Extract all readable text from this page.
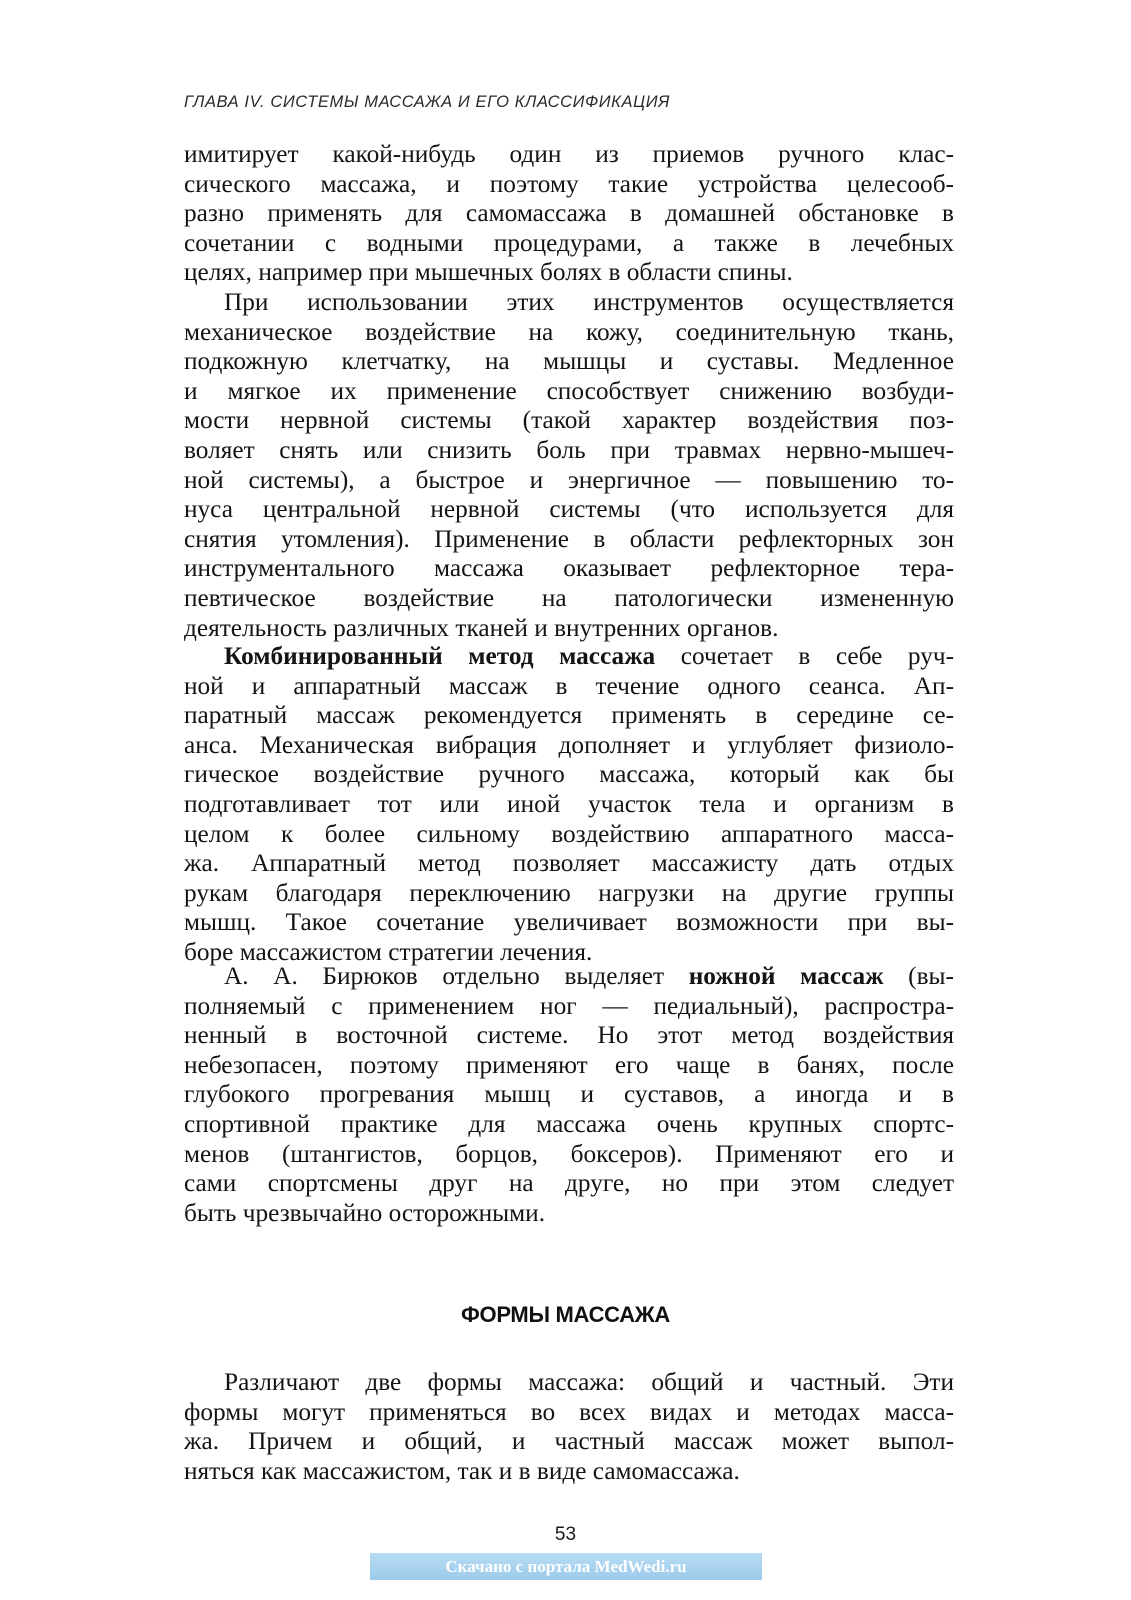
ГЛАВА IV. СИСТЕМЫ МАССАЖА И ЕГО КЛАССИФИКАЦИЯ
имитирует какой-нибудь один из приемов ручного клас-
сического массажа, и поэтому такие устройства целесооб-
разно применять для самомассажа в домашней обстановке в
сочетании с водными процедурами, а также в лечебных
целях, например при мышечных болях в области спины.
При использовании этих инструментов осуществляется
механическое воздействие на кожу, соединительную ткань,
подкожную клетчатку, на мышцы и суставы. Медленное
и мягкое их применение способствует снижению возбуди-
мости нервной системы (такой характер воздействия поз-
воляет снять или снизить боль при травмах нервно-мышеч-
ной системы), а быстрое и энергичное — повышению то-
нуса центральной нервной системы (что используется для
снятия утомления). Применение в области рефлекторных зон
инструментального массажа оказывает рефлекторное тера-
певтическое воздействие на патологически измененную
деятельность различных тканей и внутренних органов.
Комбинированный метод массажа сочетает в себе руч-
ной и аппаратный массаж в течение одного сеанса. Ап-
паратный массаж рекомендуется применять в середине се-
анса. Механическая вибрация дополняет и углубляет физиоло-
гическое воздействие ручного массажа, который как бы
подготавливает тот или иной участок тела и организм в
целом к более сильному воздействию аппаратного масса-
жа. Аппаратный метод позволяет массажисту дать отдых
рукам благодаря переключению нагрузки на другие группы
мышц. Такое сочетание увеличивает возможности при вы-
боре массажистом стратегии лечения.
А. А. Бирюков отдельно выделяет ножной массаж (вы-
полняемый с применением ног — педиальный), распростра-
ненный в восточной системе. Но этот метод воздействия
небезопасен, поэтому применяют его чаще в банях, после
глубокого прогревания мышц и суставов, а иногда и в
спортивной практике для массажа очень крупных спортс-
менов (штангистов, борцов, боксеров). Применяют его и
сами спортсмены друг на друге, но при этом следует
быть чрезвычайно осторожными.
ФОРМЫ МАССАЖА
Различают две формы массажа: общий и частный. Эти
формы могут применяться во всех видах и методах масса-
жа. Причем и общий, и частный массаж может выпол-
няться как массажистом, так и в виде самомассажа.
53
Скачано с портала MedWedi.ru
